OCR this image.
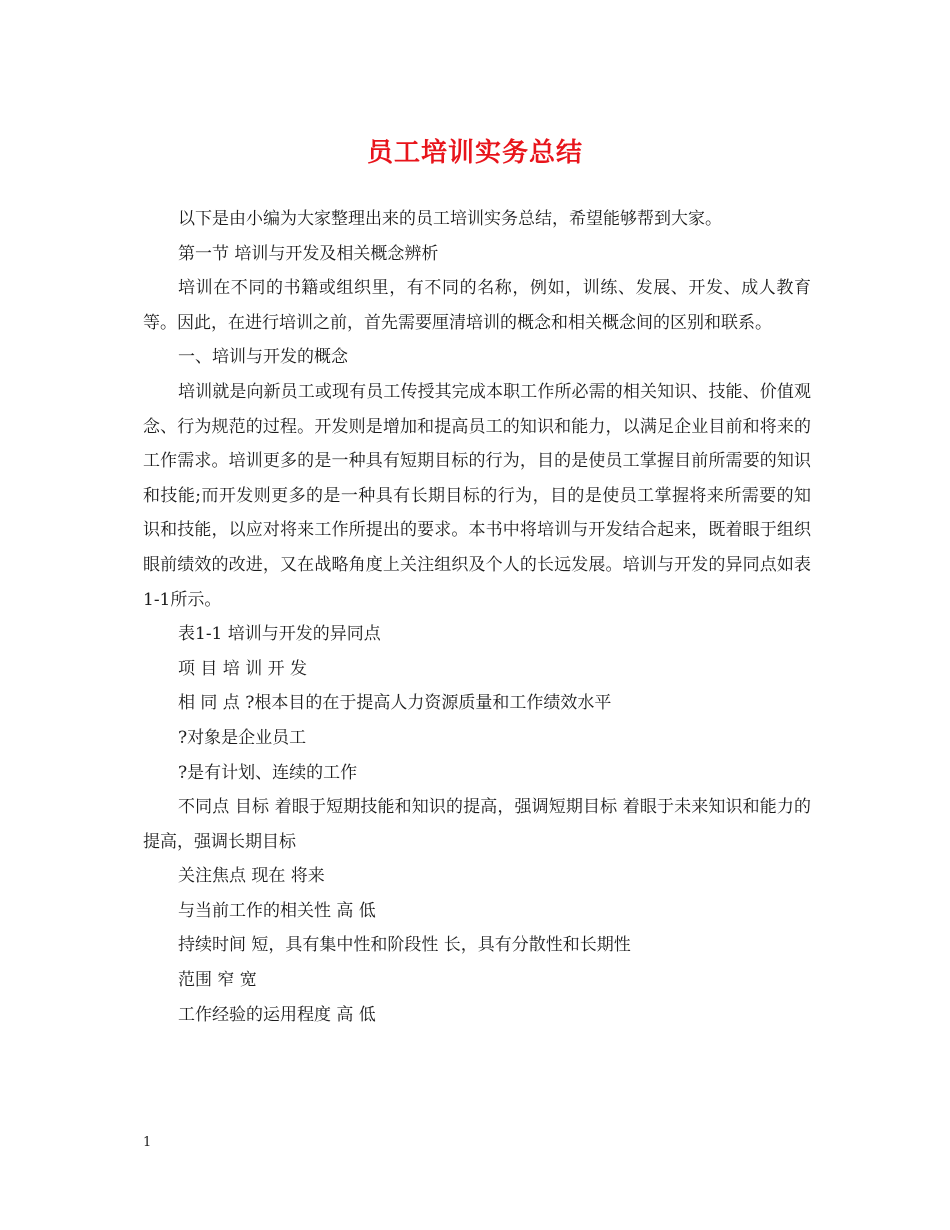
员工培训实务总结

以下是由小编为大家整理出来的员工培训实务总结，希望能够帮到大家。

第一节 培训与开发及相关概念辨析

培训在不同的书籍或组织里，有不同的名称，例如，训练、发展、开发、成人教育等。因此，在进行培训之前，首先需要厘清培训的概念和相关概念间的区别和联系。

一、培训与开发的概念

培训就是向新员工或现有员工传授其完成本职工作所必需的相关知识、技能、价值观念、行为规范的过程。开发则是增加和提高员工的知识和能力，以满足企业目前和将来的工作需求。培训更多的是一种具有短期目标的行为，目的是使员工掌握目前所需要的知识和技能;而开发则更多的是一种具有长期目标的行为，目的是使员工掌握将来所需要的知识和技能，以应对将来工作所提出的要求。本书中将培训与开发结合起来，既着眼于组织眼前绩效的改进，又在战略角度上关注组织及个人的长远发展。培训与开发的异同点如表1-1所示。

表1-1 培训与开发的异同点

项 目 培 训 开 发

相 同 点 ?根本目的在于提高人力资源质量和工作绩效水平

?对象是企业员工

?是有计划、连续的工作

不同点 目标 着眼于短期技能和知识的提高，强调短期目标 着眼于未来知识和能力的提高，强调长期目标

关注焦点 现在 将来

与当前工作的相关性 高 低

持续时间 短，具有集中性和阶段性 长，具有分散性和长期性

范围 窄 宽

工作经验的运用程度 高 低

1
